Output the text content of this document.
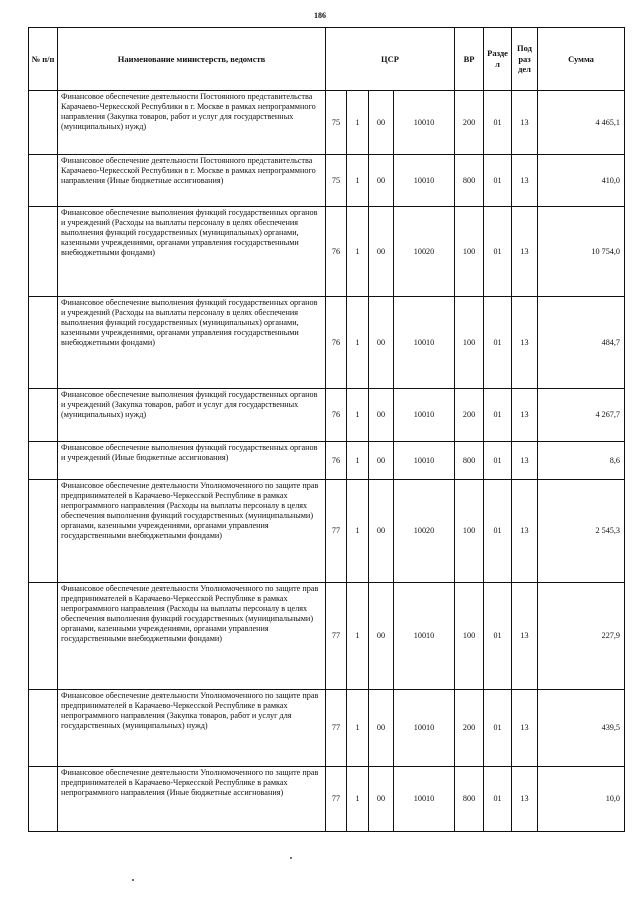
186
№ п/п	Наименование министерств, ведомств	ЦСР				ВР	Разде л	Под раз дел	Сумма
	Финансовое обеспечение деятельности Постоянного представительства Карачаево-Черкесской Республики в г. Москве в рамках непрограммного направления (Закупка товаров, работ и услуг для государственных (муниципальных) нужд)	75	1	00	10010	200	01	13	4 465,1
	Финансовое обеспечение деятельности Постоянного представительства Карачаево-Черкесской Республики в г. Москве в рамках непрограммного направления (Иные бюджетные ассигнования)	75	1	00	10010	800	01	13	410,0
	Финансовое обеспечение выполнения функций государственных органов и учреждений (Расходы на выплаты персоналу в целях обеспечения выполнения функций государственных (муниципальных) органами, казенными учреждениями, органами управления государственными внебюджетными фондами)	76	1	00	10020	100	01	13	10 754,0
	Финансовое обеспечение выполнения функций государственных органов и учреждений (Расходы на выплаты персоналу в целях обеспечения выполнения функций государственных (муниципальных) органами, казенными учреждениями, органами управления государственными внебюджетными фондами)	76	1	00	10010	100	01	13	484,7
	Финансовое обеспечение выполнения функций государственных органов и учреждений (Закупка товаров, работ и услуг для государственных (муниципальных) нужд)	76	1	00	10010	200	01	13	4 267,7
	Финансовое обеспечение выполнения функций государственных органов и учреждений (Иные бюджетные ассигнования)	76	1	00	10010	800	01	13	8,6
	Финансовое обеспечение деятельности Уполномоченного по защите прав предпринимателей в Карачаево-Черкесской Республике в рамках непрограммного направления (Расходы на выплаты персоналу в целях обеспечения выполнения функций государственных (муниципальными) органами, казенными учреждениями, органами управления государственными внебюджетными фондами)	77	1	00	10020	100	01	13	2 545,3
	Финансовое обеспечение деятельности Уполномоченного по защите прав предпринимателей в Карачаево-Черкесской Республике в рамках непрограммного направления (Расходы на выплаты персоналу в целях обеспечения выполнения функций государственных (муниципальными) органами, казенными учреждениями, органами управления государственными внебюджетными фондами)	77	1	00	10010	100	01	13	227,9
	Финансовое обеспечение деятельности Уполномоченного по защите прав предпринимателей в Карачаево-Черкесской Республике в рамках непрограммного направления (Закупка товаров, работ и услуг для государственных (муниципальных) нужд)	77	1	00	10010	200	01	13	439,5
	Финансовое обеспечение деятельности Уполномоченного по защите прав предпринимателей в Карачаево-Черкесской Республике в рамках непрограммного направления (Иные бюджетные ассигнования)	77	1	00	10010	800	01	13	10,0
